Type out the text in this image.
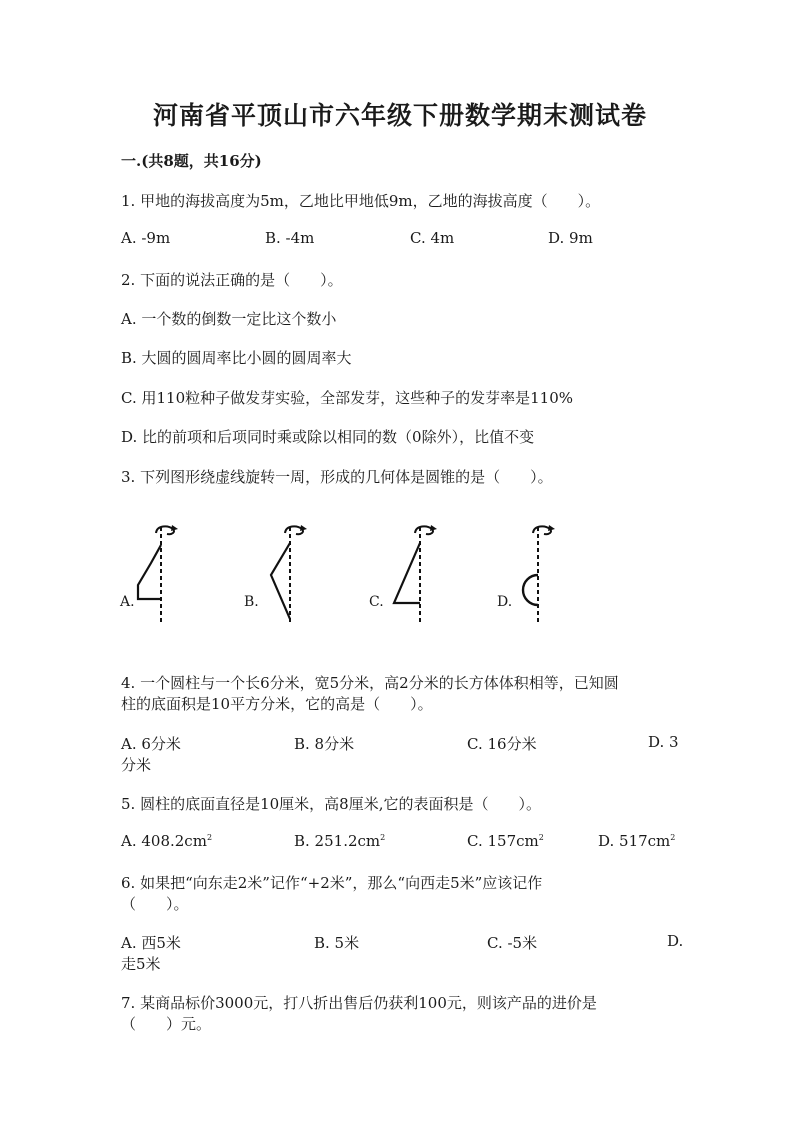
河南省平顶山市六年级下册数学期末测试卷
一.(共8题，共16分)
1. 甲地的海拔高度为5m，乙地比甲地低9m，乙地的海拔高度（　　）。
A. -9m	B. -4m	C. 4m	D. 9m
2. 下面的说法正确的是（　　）。
A. 一个数的倒数一定比这个数小
B. 大圆的圆周率比小圆的圆周率大
C. 用110粒种子做发芽实验，全部发芽，这些种子的发芽率是110%
D. 比的前项和后项同时乘或除以相同的数（0除外），比值不变
3. 下列图形绕虚线旋转一周，形成的几何体是圆锥的是（　　）。
A.	B.	C.	D.
4. 一个圆柱与一个长6分米，宽5分米，高2分米的长方体体积相等，已知圆
柱的底面积是10平方分米，它的高是（　　）。
A. 6分米	B. 8分米	C. 16分米	D. 3
分米
5. 圆柱的底面直径是10厘米，高8厘米,它的表面积是（　　）。
A. $408.2cm^2$	B. $251.2cm^2$	C. $157cm^2$	D. $517cm^2$
6. 如果把“向东走2米”记作“+2米”，那么“向西走5米”应该记作
（　　）。
A. 西5米	B. 5米	C. -5米	D.
走5米
7. 某商品标价3000元，打八折出售后仍获利100元，则该产品的进价是
（　　）元。
